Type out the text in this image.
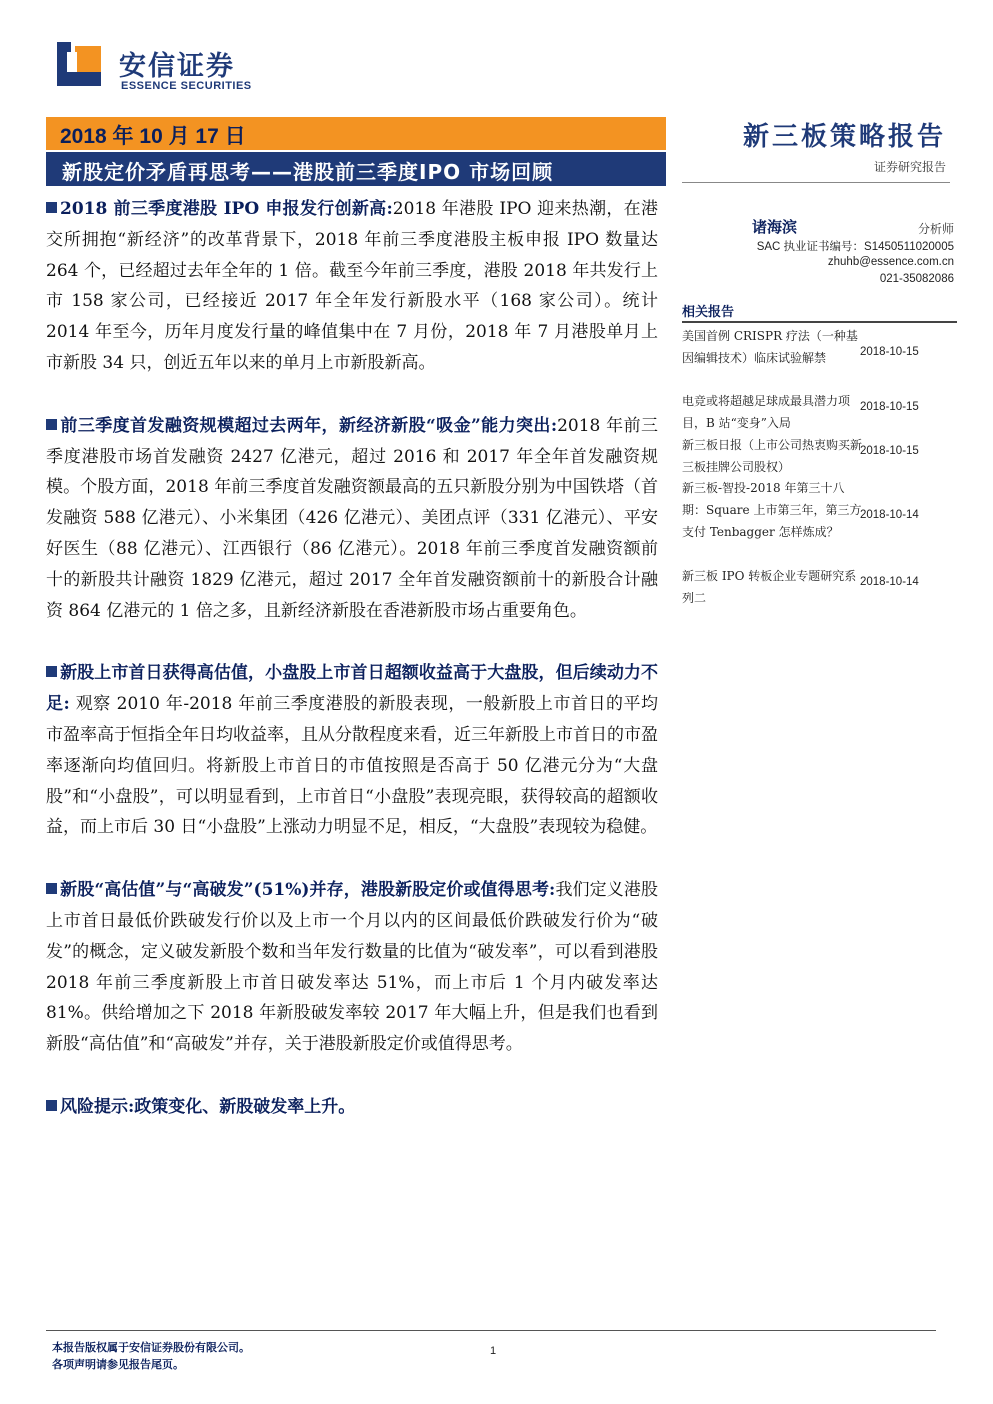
安信证券
ESSENCE SECURITIES
2018 年 10 月 17 日
新股定价矛盾再思考——港股前三季度IPO 市场回顾
新三板策略报告
证券研究报告

2018 前三季度港股 IPO 申报发行创新高:2018 年港股 IPO 迎来热潮，在港交所拥抱“新经济”的改革背景下，2018 年前三季度港股主板申报 IPO 数量达 264 个，已经超过去年全年的 1 倍。截至今年前三季度，港股 2018 年共发行上市 158 家公司，已经接近 2017 年全年发行新股水平（168 家公司）。统计 2014 年至今，历年月度发行量的峰值集中在 7 月份，2018 年 7 月港股单月上市新股 34 只，创近五年以来的单月上市新股新高。

前三季度首发融资规模超过去两年，新经济新股“吸金”能力突出:2018 年前三季度港股市场首发融资 2427 亿港元，超过 2016 和 2017 年全年首发融资规模。个股方面，2018 年前三季度首发融资额最高的五只新股分别为中国铁塔（首发融资 588 亿港元）、小米集团（426 亿港元）、美团点评（331 亿港元）、平安好医生（88 亿港元）、江西银行（86 亿港元）。2018 年前三季度首发融资额前十的新股共计融资 1829 亿港元，超过 2017 全年首发融资额前十的新股合计融资 864 亿港元的 1 倍之多，且新经济新股在香港新股市场占重要角色。

新股上市首日获得高估值，小盘股上市首日超额收益高于大盘股，但后续动力不足: 观察 2010 年-2018 年前三季度港股的新股表现，一般新股上市首日的平均市盈率高于恒指全年日均收益率，且从分散程度来看，近三年新股上市首日的市盈率逐渐向均值回归。将新股上市首日的市值按照是否高于 50 亿港元分为“大盘股”和“小盘股”，可以明显看到，上市首日“小盘股”表现亮眼，获得较高的超额收益，而上市后 30 日“小盘股”上涨动力明显不足，相反，“大盘股”表现较为稳健。

新股“高估值”与“高破发”(51%)并存，港股新股定价或值得思考:我们定义港股上市首日最低价跌破发行价以及上市一个月以内的区间最低价跌破发行价为“破发”的概念，定义破发新股个数和当年发行数量的比值为“破发率”，可以看到港股 2018 年前三季度新股上市首日破发率达 51%，而上市后 1 个月内破发率达 81%。供给增加之下 2018 年新股破发率较 2017 年大幅上升，但是我们也看到新股“高估值”和“高破发”并存，关于港股新股定价或值得思考。

风险提示:政策变化、新股破发率上升。

诸海滨	分析师
SAC 执业证书编号：S1450511020005
zhuhb@essence.com.cn
021-35082086
相关报告
美国首例 CRISPR 疗法（一种基因编辑技术）临床试验解禁	2018-10-15
电竞或将超越足球成最具潜力项目，B 站“变身”入局
2018-10-15
新三板日报（上市公司热衷购买新三板挂牌公司股权）
2018-10-15
新三板-智投-2018 年第三十八期：Square 上市第三年，第三方支付 Tenbagger 怎样炼成？
2018-10-14
新三板 IPO 转板企业专题研究系列二
2018-10-14
本报告版权属于安信证券股份有限公司。
各项声明请参见报告尾页。
1
